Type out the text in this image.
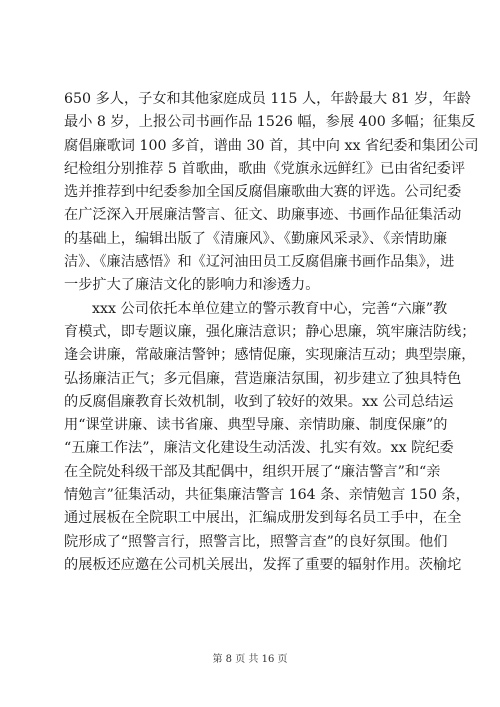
650 多人，子女和其他家庭成员 115 人，年龄最大 81 岁，年龄
最小 8 岁，上报公司书画作品 1526 幅，参展 400 多幅；征集反
腐倡廉歌词 100 多首，谱曲 30 首，其中向 xx 省纪委和集团公司
纪检组分别推荐 5 首歌曲，歌曲《党旗永远鲜红》已由省纪委评
选并推荐到中纪委参加全国反腐倡廉歌曲大赛的评选。公司纪委
在广泛深入开展廉洁警言、征文、助廉事迹、书画作品征集活动
的基础上，编辑出版了《清廉风》、《勤廉风采录》、《亲情助廉
洁》、《廉洁感悟》和《辽河油田员工反腐倡廉书画作品集》，进
一步扩大了廉洁文化的影响力和渗透力。

xxx 公司依托本单位建立的警示教育中心，完善“六廉”教
育模式，即专题议廉，强化廉洁意识；静心思廉，筑牢廉洁防线；
逢会讲廉，常敲廉洁警钟；感情促廉，实现廉洁互动；典型崇廉，
弘扬廉洁正气；多元倡廉，营造廉洁氛围，初步建立了独具特色
的反腐倡廉教育长效机制，收到了较好的效果。xx 公司总结运
用“课堂讲廉、读书省廉、典型导廉、亲情助廉、制度保廉”的
“五廉工作法”，廉洁文化建设生动活泼、扎实有效。xx 院纪委
在全院处科级干部及其配偶中，组织开展了“廉洁警言”和“亲
情勉言”征集活动，共征集廉洁警言 164 条、亲情勉言 150 条，
通过展板在全院职工中展出，汇编成册发到每名员工手中，在全
院形成了“照警言行，照警言比，照警言查”的良好氛围。他们
的展板还应邀在公司机关展出，发挥了重要的辐射作用。茨榆坨

第 8 页 共 16 页
